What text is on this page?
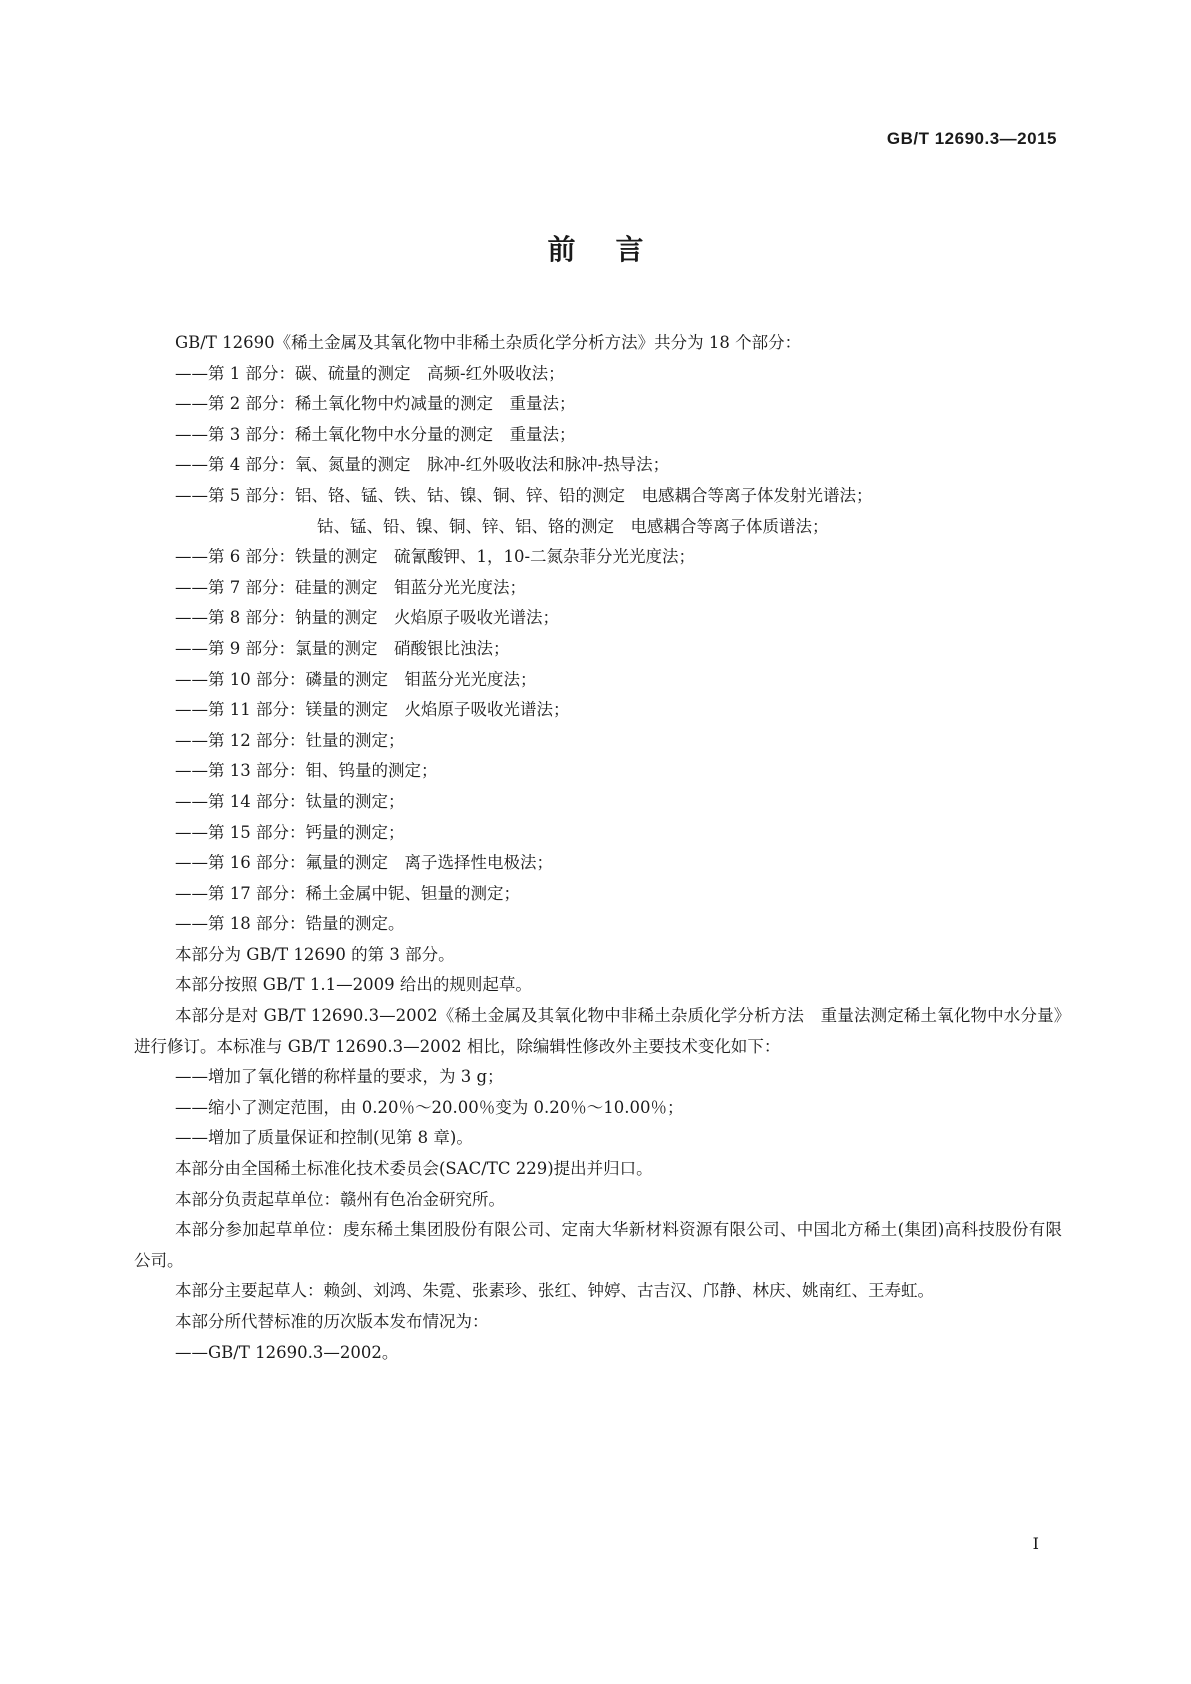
GB/T 12690.3—2015
前言

GB/T 12690《稀土金属及其氧化物中非稀土杂质化学分析方法》共分为 18 个部分：

——第 1 部分：碳、硫量的测定　高频-红外吸收法；

——第 2 部分：稀土氧化物中灼减量的测定　重量法；

——第 3 部分：稀土氧化物中水分量的测定　重量法；

——第 4 部分：氧、氮量的测定　脉冲-红外吸收法和脉冲-热导法；

——第 5 部分：铝、铬、锰、铁、钴、镍、铜、锌、铅的测定　电感耦合等离子体发射光谱法；

钴、锰、铅、镍、铜、锌、铝、铬的测定　电感耦合等离子体质谱法；

——第 6 部分：铁量的测定　硫氰酸钾、1，10-二氮杂菲分光光度法；

——第 7 部分：硅量的测定　钼蓝分光光度法；

——第 8 部分：钠量的测定　火焰原子吸收光谱法；

——第 9 部分：氯量的测定　硝酸银比浊法；

——第 10 部分：磷量的测定　钼蓝分光光度法；

——第 11 部分：镁量的测定　火焰原子吸收光谱法；

——第 12 部分：钍量的测定；

——第 13 部分：钼、钨量的测定；

——第 14 部分：钛量的测定；

——第 15 部分：钙量的测定；

——第 16 部分：氟量的测定　离子选择性电极法；

——第 17 部分：稀土金属中铌、钽量的测定；

——第 18 部分：锆量的测定。

本部分为 GB/T 12690 的第 3 部分。

本部分按照 GB/T 1.1—2009 给出的规则起草。

本部分是对 GB/T 12690.3—2002《稀土金属及其氧化物中非稀土杂质化学分析方法　重量法测定稀土氧化物中水分量》进行修订。本标准与 GB/T 12690.3—2002 相比，除编辑性修改外主要技术变化如下：

——增加了氧化镨的称样量的要求，为 3 g；

——缩小了测定范围，由 0.20％～20.00％变为 0.20％～10.00％；

——增加了质量保证和控制(见第 8 章)。

本部分由全国稀土标准化技术委员会(SAC/TC 229)提出并归口。

本部分负责起草单位：赣州有色冶金研究所。

本部分参加起草单位：虔东稀土集团股份有限公司、定南大华新材料资源有限公司、中国北方稀土(集团)高科技股份有限公司。

本部分主要起草人：赖剑、刘鸿、朱霓、张素珍、张红、钟婷、古吉汉、邝静、林庆、姚南红、王寿虹。

本部分所代替标准的历次版本发布情况为：

——GB/T 12690.3—2002。

I
